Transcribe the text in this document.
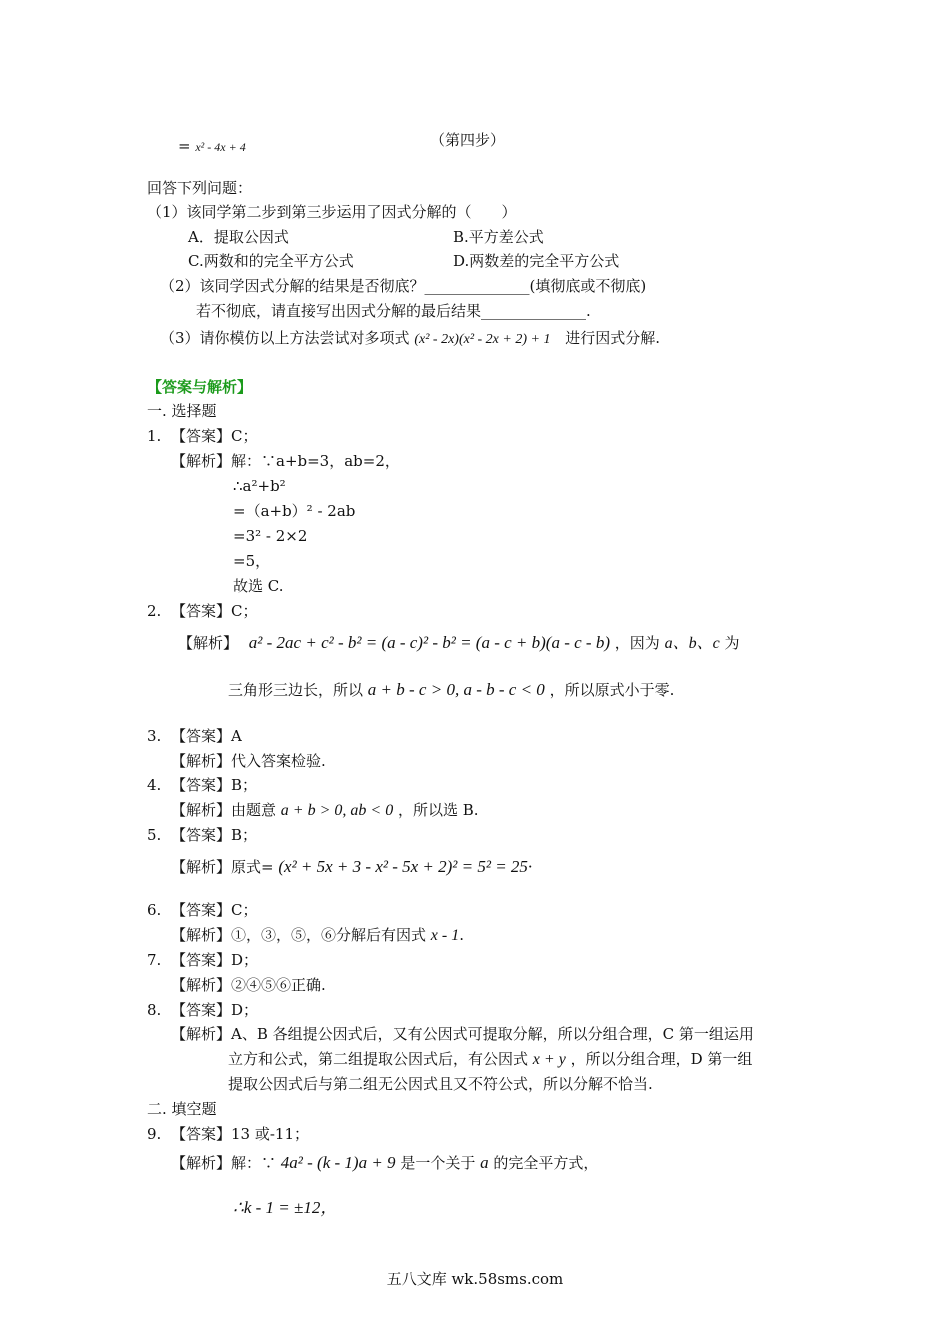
= x² - 4x + 4	（第四步）
回答下列问题：
（1）该同学第二步到第三步运用了因式分解的（　　）
A．提取公因式	B.平方差公式
C.两数和的完全平方公式	D.两数差的完全平方公式
（2）该同学因式分解的结果是否彻底？______________(填彻底或不彻底)
若不彻底，请直接写出因式分解的最后结果______________.
（3）请你模仿以上方法尝试对多项式 (x² - 2x)(x² - 2x + 2) + 1 进行因式分解.
【答案与解析】
一. 选择题
1. 【答案】C；
【解析】解：∵a+b=3，ab=2，
∴a²+b²
=（a+b）² - 2ab
=3² - 2×2
=5，
故选 C.
2. 【答案】C；
【解析】 a² - 2ac + c² - b² = (a - c)² - b² = (a - c + b)(a - c - b) ，因为 a、b、c 为
三角形三边长，所以 a + b - c > 0, a - b - c < 0 ，所以原式小于零.
3. 【答案】A
【解析】代入答案检验.
4. 【答案】B；
【解析】由题意 a + b > 0, ab < 0 ，所以选 B.
5. 【答案】B；
【解析】原式= (x² + 5x + 3 - x² - 5x + 2)² = 5² = 25·
6. 【答案】C；
【解析】①，③，⑤，⑥分解后有因式 x - 1.
7. 【答案】D；
【解析】②④⑤⑥正确.
8. 【答案】D；
【解析】A、B 各组提公因式后，又有公因式可提取分解，所以分组合理，C 第一组运用
立方和公式，第二组提取公因式后，有公因式 x + y ，所以分组合理，D 第一组
提取公因式后与第二组无公因式且又不符公式，所以分解不恰当.
二. 填空题
9. 【答案】13 或-11；
【解析】解：∵ 4a² - (k - 1)a + 9 是一个关于 a 的完全平方式，
∴k - 1 = ±12，
五八文库 wk.58sms.com
